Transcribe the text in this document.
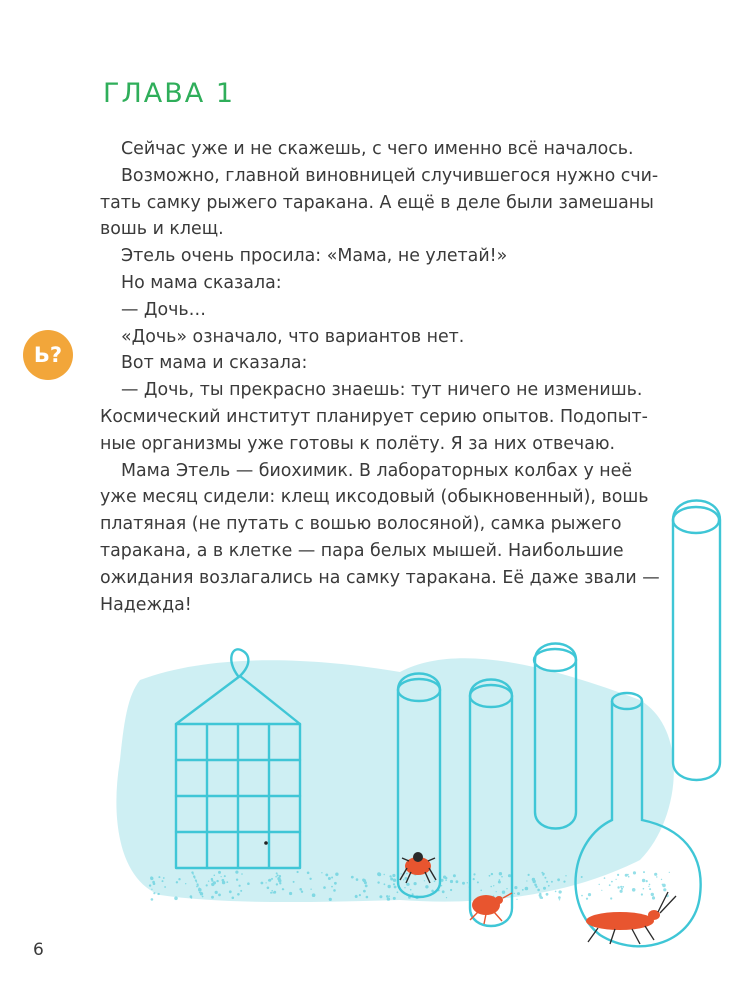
ГЛАВА 1
Сейчас уже и не скажешь, с чего именно всё началось.
Возможно, главной виновницей случившегося нужно счи-
тать самку рыжего таракана. А ещё в деле были замешаны
вошь и клещ.
Этель очень просила: «Мама, не улетай!»
Но мама сказала:
— Дочь…
«Дочь» означало, что вариантов нет.
Вот мама и сказала:
— Дочь, ты прекрасно знаешь: тут ничего не изменишь.
Космический институт планирует серию опытов. Подопыт-
ные организмы уже готовы к полёту. Я за них отвечаю.
Мама Этель — биохимик. В лабораторных колбах у неё
уже месяц сидели: клещ иксодовый (обыкновенный), вошь
платяная (не путать с вошью волосяной), самка рыжего
таракана, а в клетке — пара белых мышей. Наибольшие
ожидания возлагались на самку таракана. Её даже звали —
Надежда!
Ь?
6
